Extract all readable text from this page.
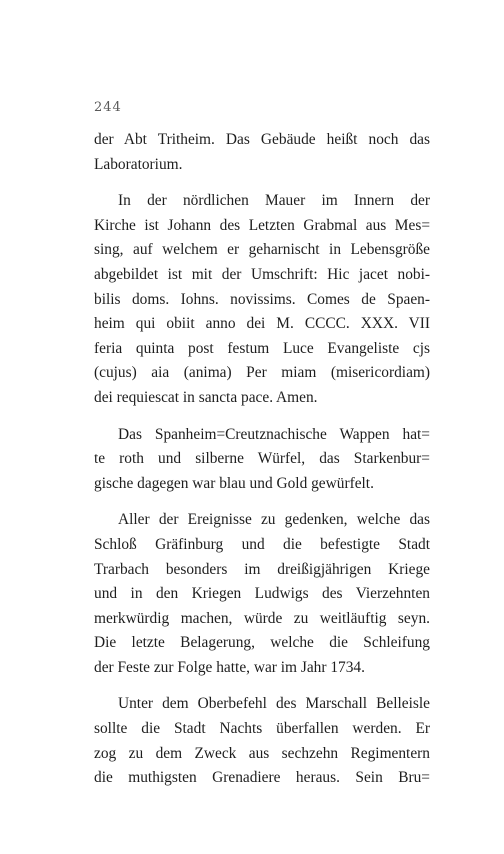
244
der Abt Tritheim. Das Gebäude heißt noch das
Laboratorium.
In der nördlichen Mauer im Innern der
Kirche ist Johann des Letzten Grabmal aus Mes=
sing, auf welchem er geharnischt in Lebensgröße
abgebildet ist mit der Umschrift: Hic jacet nobi-
bilis doms. Iohns. novissims. Comes de Spaen-
heim qui obiit anno dei M. CCCC. XXX. VII
feria quinta post festum Luce Evangeliste cjs
(cujus) aia (anima) Per miam (misericordiam)
dei requiescat in sancta pace. Amen.
Das Spanheim=Creutznachische Wappen hat=
te roth und silberne Würfel, das Starkenbur=
gische dagegen war blau und Gold gewürfelt.
Aller der Ereignisse zu gedenken, welche das
Schloß Gräfinburg und die befestigte Stadt
Trarbach besonders im dreißigjährigen Kriege
und in den Kriegen Ludwigs des Vierzehnten
merkwürdig machen, würde zu weitläuftig seyn.
Die letzte Belagerung, welche die Schleifung
der Feste zur Folge hatte, war im Jahr 1734.
Unter dem Oberbefehl des Marschall Belleisle
sollte die Stadt Nachts überfallen werden. Er
zog zu dem Zweck aus sechzehn Regimentern
die muthigsten Grenadiere heraus. Sein Bru=
